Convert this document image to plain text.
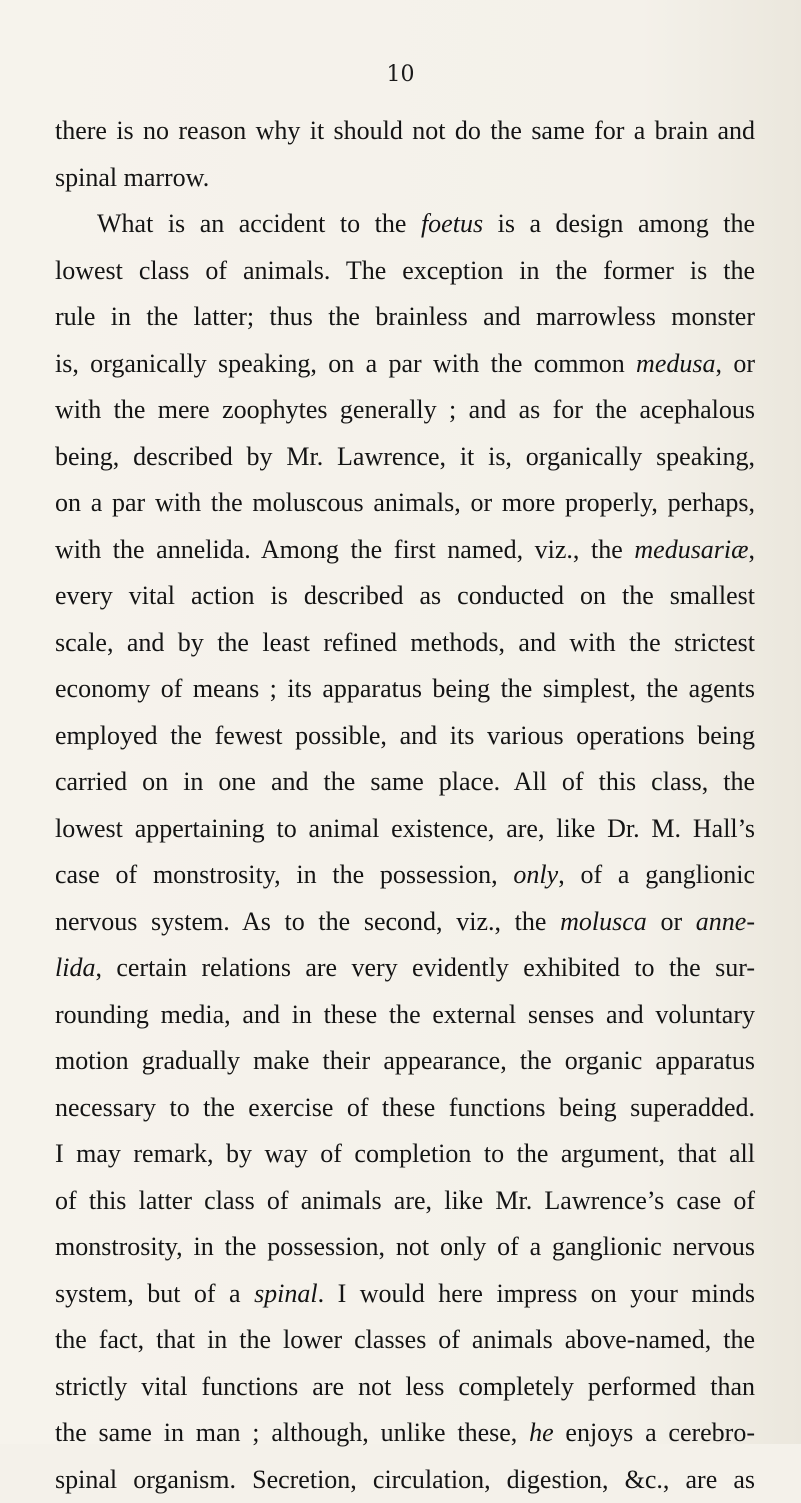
10
there is no reason why it should not do the same for a brain and
spinal marrow.
What is an accident to the foetus is a design among the
lowest class of animals. The exception in the former is the
rule in the latter; thus the brainless and marrowless monster
is, organically speaking, on a par with the common medusa, or
with the mere zoophytes generally ; and as for the acephalous
being, described by Mr. Lawrence, it is, organically speaking,
on a par with the moluscous animals, or more properly, perhaps,
with the annelida. Among the first named, viz., the medusariæ,
every vital action is described as conducted on the smallest
scale, and by the least refined methods, and with the strictest
economy of means ; its apparatus being the simplest, the agents
employed the fewest possible, and its various operations being
carried on in one and the same place. All of this class, the
lowest appertaining to animal existence, are, like Dr. M. Hall’s
case of monstrosity, in the possession, only, of a ganglionic
nervous system. As to the second, viz., the molusca or anne-
lida, certain relations are very evidently exhibited to the sur-
rounding media, and in these the external senses and voluntary
motion gradually make their appearance, the organic apparatus
necessary to the exercise of these functions being superadded.
I may remark, by way of completion to the argument, that all
of this latter class of animals are, like Mr. Lawrence’s case of
monstrosity, in the possession, not only of a ganglionic nervous
system, but of a spinal. I would here impress on your minds
the fact, that in the lower classes of animals above-named, the
strictly vital functions are not less completely performed than
the same in man ; although, unlike these, he enjoys a cerebro-
spinal organism. Secretion, circulation, digestion, &c., are as
